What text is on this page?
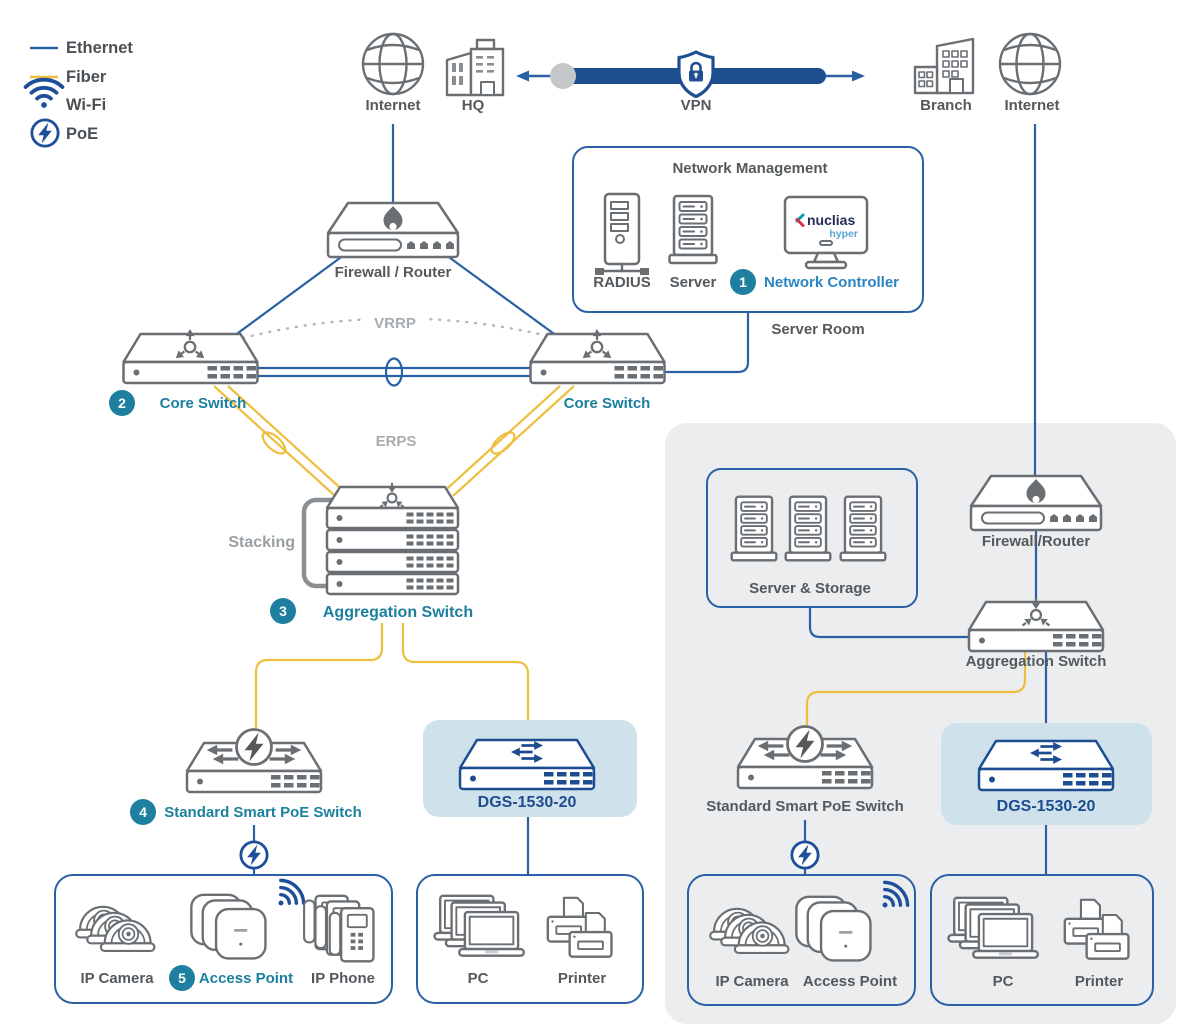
Ethernet
Fiber
Wi-Fi
PoE
nuclias
hyper
1
2
3
4
5
Internet	HQ	VPN	Branch Internet
Network Management
RADIUS Server	Network Controller
Server Room
Firewall / Router
VRRP
Core Switch	Core Switch
ERPS
Stacking
Aggregation Switch
Standard Smart PoE Switch
DGS-1530-20
IP Camera	Access Point IP Phone	PC	Printer
Firewall/Router
Server & Storage
Aggregation Switch
Standard Smart PoE Switch	DGS-1530-20
IP Camera Access Point	PC	Printer
